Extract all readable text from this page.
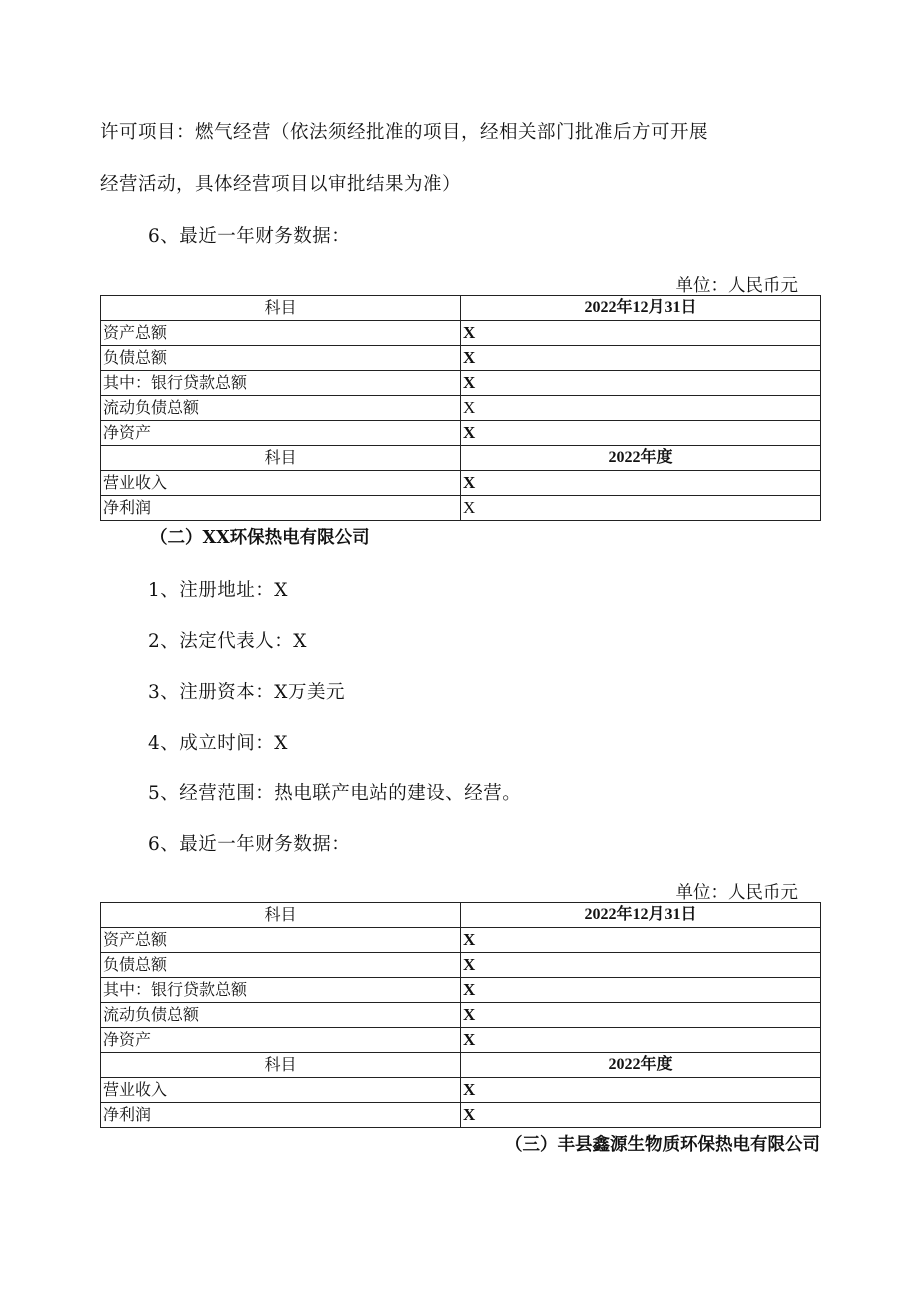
许可项目：燃气经营（依法须经批准的项目，经相关部门批准后方可开展
经营活动，具体经营项目以审批结果为准）
6、最近一年财务数据：
单位：人民币元
科目	2022年12月31日
资产总额	X
负债总额	X
其中：银行贷款总额	X
流动负债总额	X
净资产	X
科目	2022年度
营业收入	X
净利润	X
（二）XX环保热电有限公司
1、注册地址：X
2、法定代表人：X
3、注册资本：X万美元
4、成立时间：X
5、经营范围：热电联产电站的建设、经营。
6、最近一年财务数据：
单位：人民币元
科目	2022年12月31日
资产总额	X
负债总额	X
其中：银行贷款总额	X
流动负债总额	X
净资产	X
科目	2022年度
营业收入	X
净利润	X
（三）丰县鑫源生物质环保热电有限公司
